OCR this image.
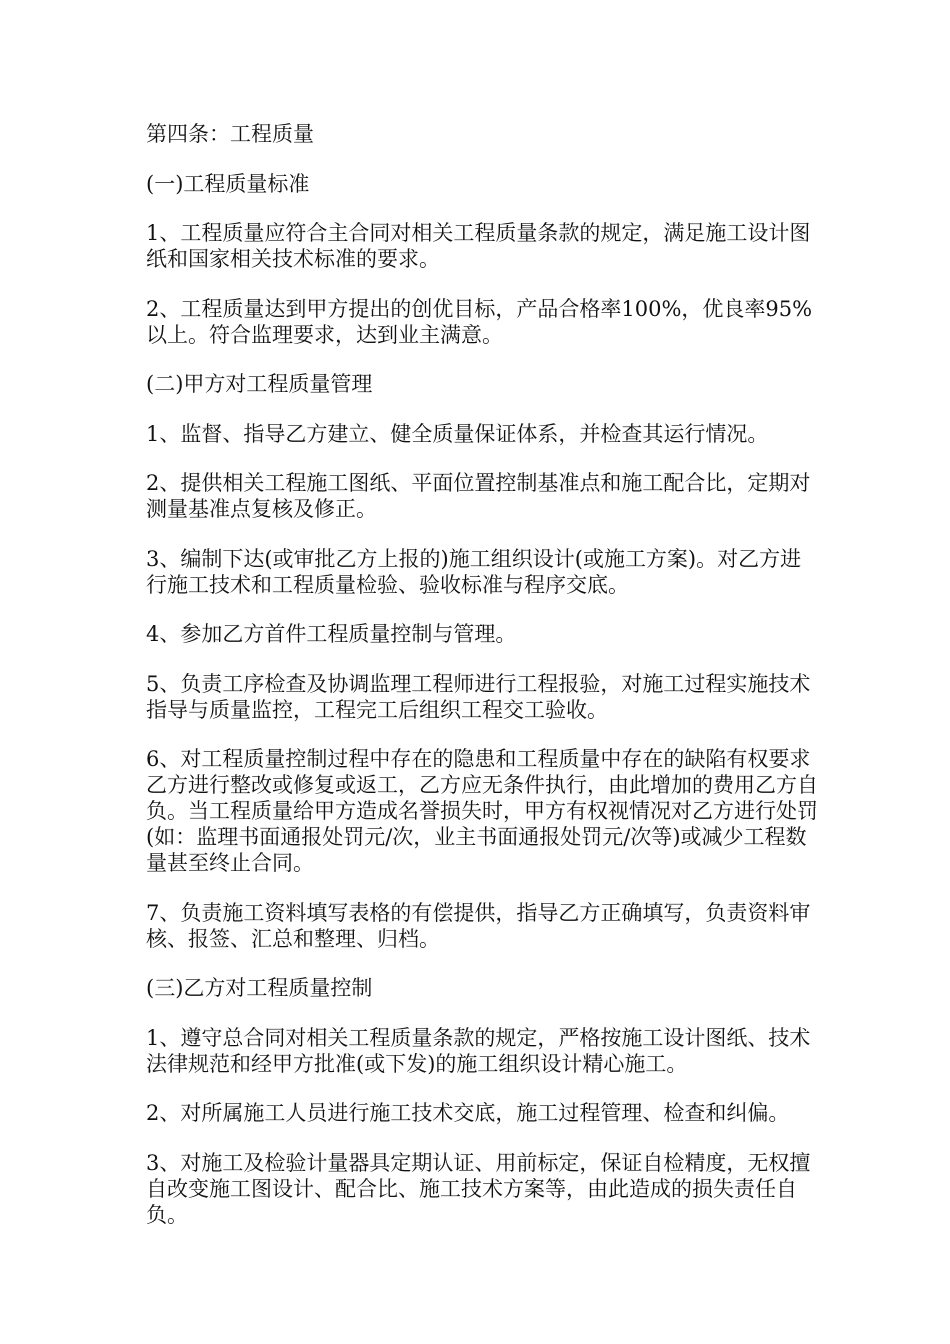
第四条：工程质量

(一)工程质量标准

1、工程质量应符合主合同对相关工程质量条款的规定，满足施工设计图纸和国家相关技术标准的要求。

2、工程质量达到甲方提出的创优目标，产品合格率100%，优良率95%以上。符合监理要求，达到业主满意。

(二)甲方对工程质量管理

1、监督、指导乙方建立、健全质量保证体系，并检查其运行情况。

2、提供相关工程施工图纸、平面位置控制基准点和施工配合比，定期对测量基准点复核及修正。

3、编制下达(或审批乙方上报的)施工组织设计(或施工方案)。对乙方进行施工技术和工程质量检验、验收标准与程序交底。

4、参加乙方首件工程质量控制与管理。

5、负责工序检查及协调监理工程师进行工程报验，对施工过程实施技术指导与质量监控，工程完工后组织工程交工验收。

6、对工程质量控制过程中存在的隐患和工程质量中存在的缺陷有权要求乙方进行整改或修复或返工，乙方应无条件执行，由此增加的费用乙方自负。当工程质量给甲方造成名誉损失时，甲方有权视情况对乙方进行处罚(如：监理书面通报处罚元/次，业主书面通报处罚元/次等)或减少工程数量甚至终止合同。

7、负责施工资料填写表格的有偿提供，指导乙方正确填写，负责资料审核、报签、汇总和整理、归档。

(三)乙方对工程质量控制

1、遵守总合同对相关工程质量条款的规定，严格按施工设计图纸、技术法律规范和经甲方批准(或下发)的施工组织设计精心施工。

2、对所属施工人员进行施工技术交底，施工过程管理、检查和纠偏。

3、对施工及检验计量器具定期认证、用前标定，保证自检精度，无权擅自改变施工图设计、配合比、施工技术方案等，由此造成的损失责任自负。
